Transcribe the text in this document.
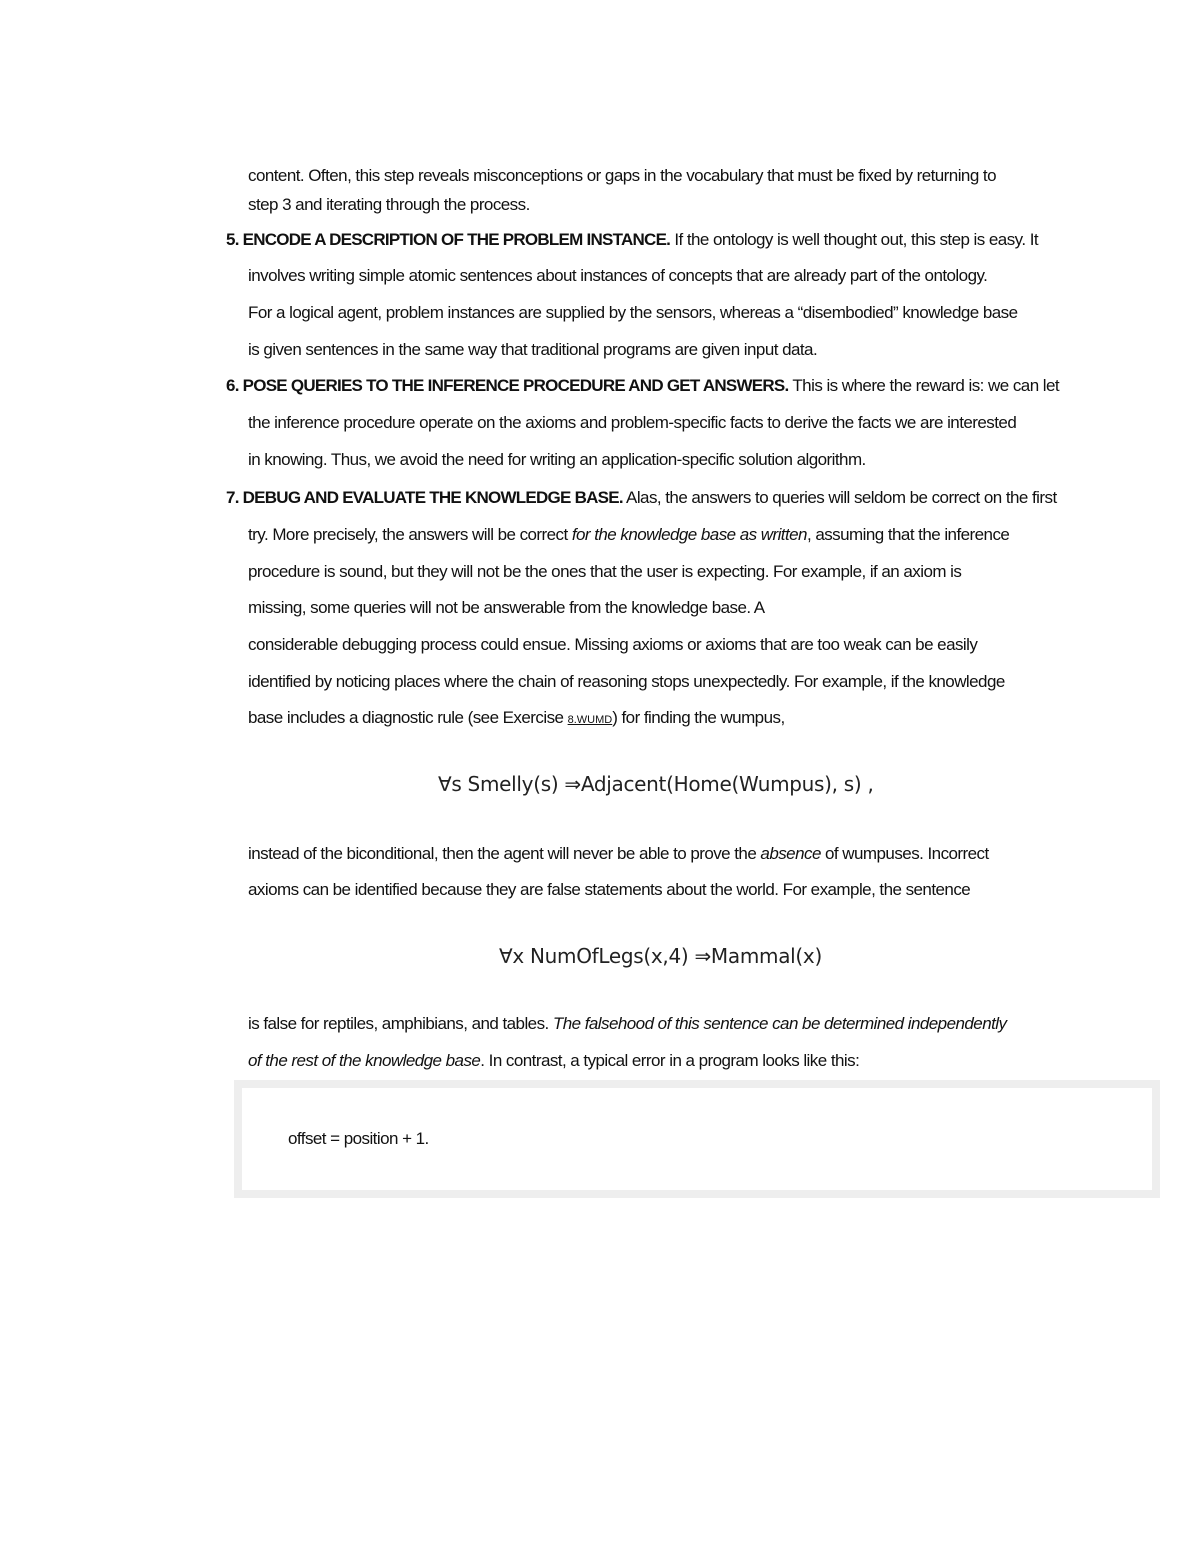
content. Often, this step reveals misconceptions or gaps in the vocabulary that must be fixed by returning to
step 3 and iterating through the process.
5. ENCODE A DESCRIPTION OF THE PROBLEM INSTANCE. If the ontology is well thought out, this step is easy. It
involves writing simple atomic sentences about instances of concepts that are already part of the ontology.
For a logical agent, problem instances are supplied by the sensors, whereas a “disembodied” knowledge base
is given sentences in the same way that traditional programs are given input data.
6. POSE QUERIES TO THE INFERENCE PROCEDURE AND GET ANSWERS. This is where the reward is: we can let
the inference procedure operate on the axioms and problem-specific facts to derive the facts we are interested
in knowing. Thus, we avoid the need for writing an application-specific solution algorithm.
7. DEBUG AND EVALUATE THE KNOWLEDGE BASE. Alas, the answers to queries will seldom be correct on the first
try. More precisely, the answers will be correct for the knowledge base as written, assuming that the inference
procedure is sound, but they will not be the ones that the user is expecting. For example, if an axiom is
missing, some queries will not be answerable from the knowledge base. A
considerable debugging process could ensue. Missing axioms or axioms that are too weak can be easily
identified by noticing places where the chain of reasoning stops unexpectedly. For example, if the knowledge
base includes a diagnostic rule (see Exercise 8.WUMD) for finding the wumpus,
∀s Smelly(s) ⇒Adjacent(Home(Wumpus), s) ,
instead of the biconditional, then the agent will never be able to prove the absence of wumpuses. Incorrect
axioms can be identified because they are false statements about the world. For example, the sentence
∀x NumOfLegs(x,4) ⇒Mammal(x)
is false for reptiles, amphibians, and tables. The falsehood of this sentence can be determined independently
of the rest of the knowledge base. In contrast, a typical error in a program looks like this:
offset = position + 1.
